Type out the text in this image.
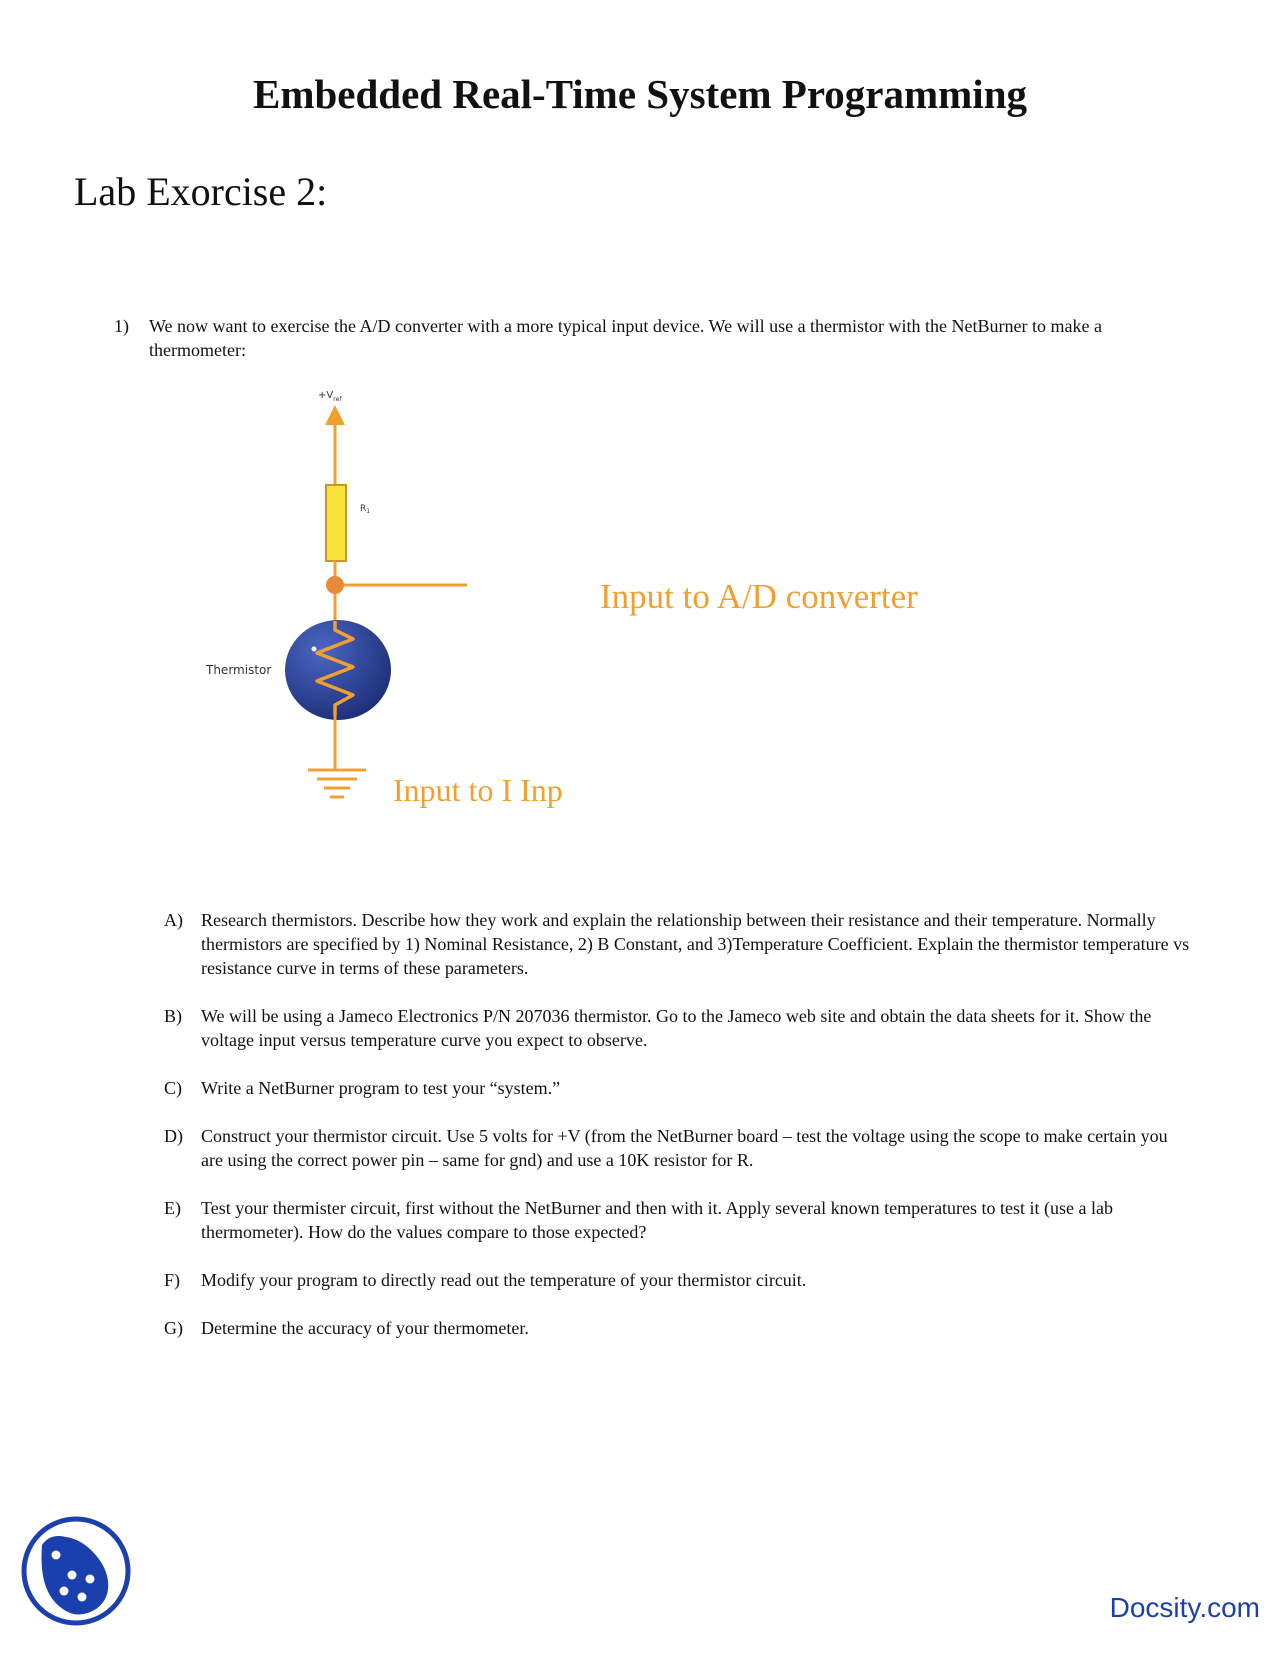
Embedded Real-Time System Programming
Lab Exorcise 2:
1) We now want to exercise the A/D converter with a more typical input device. We will use a thermistor with the NetBurner to make a thermometer:

$+V_{ref}$
$R_1$
Thermistor
Input to A/D converter
Input to I Inp
A) Research thermistors. Describe how they work and explain the relationship between their resistance and their temperature. Normally thermistors are specified by 1) Nominal Resistance, 2) B Constant, and 3)Temperature Coefficient. Explain the thermistor temperature vs resistance curve in terms of these parameters.
B) We will be using a Jameco Electronics P/N 207036 thermistor. Go to the Jameco web site and obtain the data sheets for it. Show the voltage input versus temperature curve you expect to observe.
C) Write a NetBurner program to test your “system.”
D) Construct your thermistor circuit. Use 5 volts for +V (from the NetBurner board – test the voltage using the scope to make certain you are using the correct power pin – same for gnd) and use a 10K resistor for R.
E) Test your thermister circuit, first without the NetBurner and then with it. Apply several known temperatures to test it (use a lab thermometer). How do the values compare to those expected?
F) Modify your program to directly read out the temperature of your thermistor circuit.
G) Determine the accuracy of your thermometer.
Docsity.com
